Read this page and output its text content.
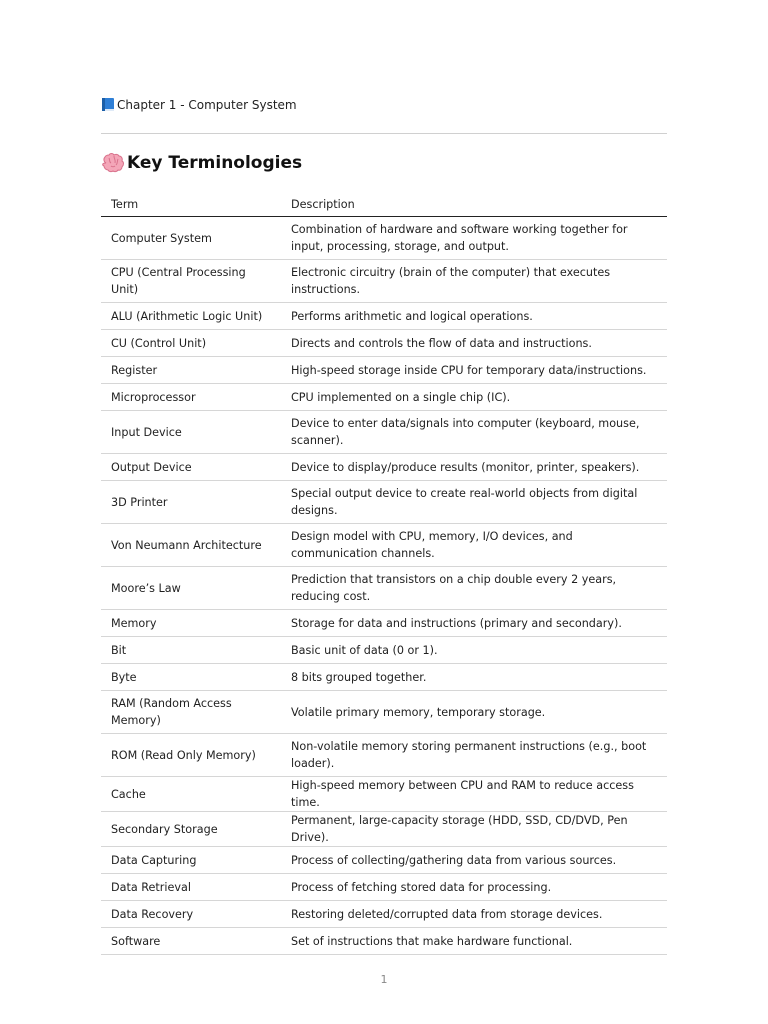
Chapter 1 - Computer System
Key Terminologies
Term	Description
Computer System	Combination of hardware and software working together for input, processing, storage, and output.
CPU (Central Processing Unit)	Electronic circuitry (brain of the computer) that executes instructions.
ALU (Arithmetic Logic Unit)	Performs arithmetic and logical operations.
CU (Control Unit)	Directs and controls the flow of data and instructions.
Register	High-speed storage inside CPU for temporary data/instructions.
Microprocessor	CPU implemented on a single chip (IC).
Input Device	Device to enter data/signals into computer (keyboard, mouse, scanner).
Output Device	Device to display/produce results (monitor, printer, speakers).
3D Printer	Special output device to create real-world objects from digital designs.
Von Neumann Architecture	Design model with CPU, memory, I/O devices, and communication channels.
Moore’s Law	Prediction that transistors on a chip double every 2 years, reducing cost.
Memory	Storage for data and instructions (primary and secondary).
Bit	Basic unit of data (0 or 1).
Byte	8 bits grouped together.
RAM (Random Access Memory)	Volatile primary memory, temporary storage.
ROM (Read Only Memory)	Non-volatile memory storing permanent instructions (e.g., boot loader).
Cache	High-speed memory between CPU and RAM to reduce access time.
Secondary Storage	Permanent, large-capacity storage (HDD, SSD, CD/DVD, Pen Drive).
Data Capturing	Process of collecting/gathering data from various sources.
Data Retrieval	Process of fetching stored data for processing.
Data Recovery	Restoring deleted/corrupted data from storage devices.
Software	Set of instructions that make hardware functional.
1
